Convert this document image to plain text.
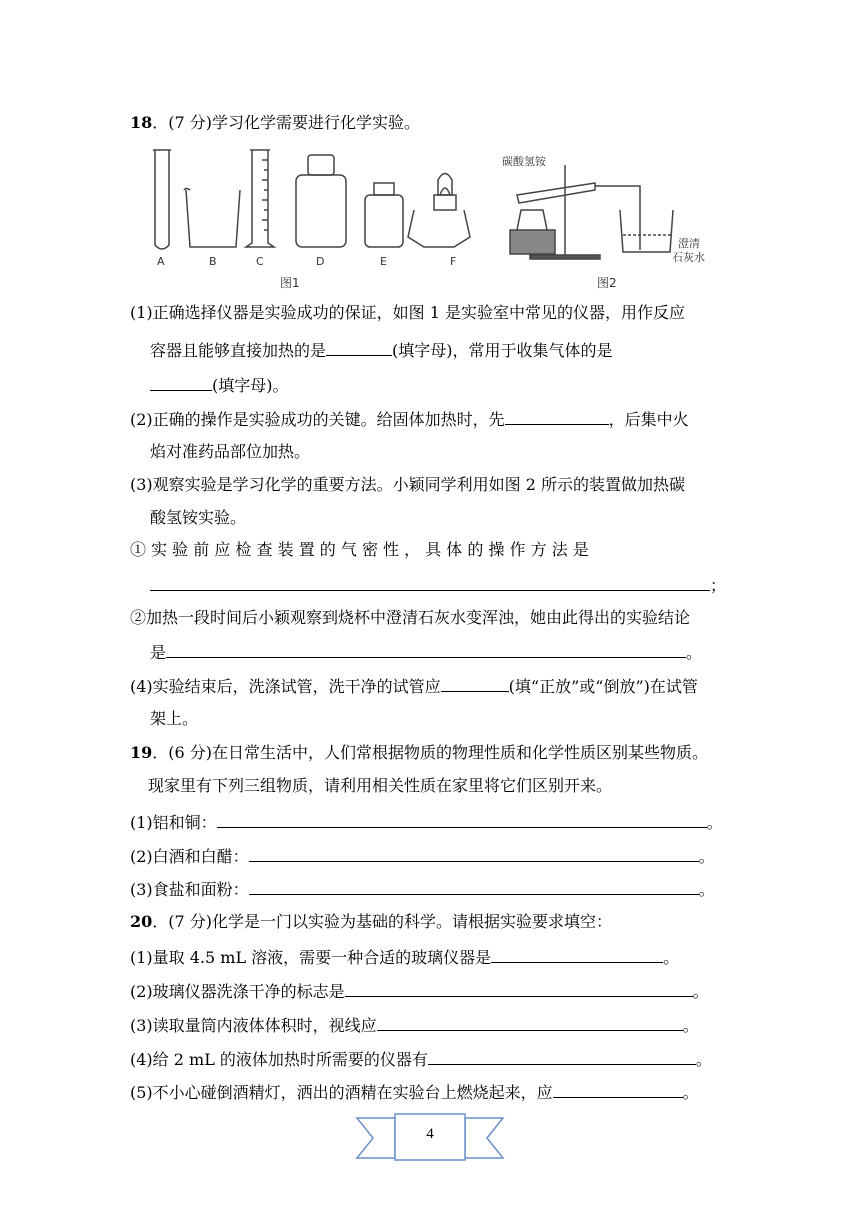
18．(7 分)学习化学需要进行化学实验。
A	B	C	D	E	F
图1
碳酸氢铵
澄清
石灰水
图2
(1)正确选择仪器是实验成功的保证，如图 1 是实验室中常见的仪器，用作反应
容器且能够直接加热的是	(填字母)，常用于收集气体的是
(填字母)。
(2)正确的操作是实验成功的关键。给固体加热时，先	，后集中火
焰对准药品部位加热。
(3)观察实验是学习化学的重要方法。小颖同学利用如图 2 所示的装置做加热碳
酸氢铵实验。
① 实 验 前 应 检 查 装 置 的 气 密 性 ， 具 体 的 操 作 方 法 是
；
②加热一段时间后小颖观察到烧杯中澄清石灰水变浑浊，她由此得出的实验结论
是	。
(4)实验结束后，洗涤试管，洗干净的试管应	(填“正放”或“倒放”)在试管
架上。
19．(6 分)在日常生活中，人们常根据物质的物理性质和化学性质区别某些物质。
现家里有下列三组物质，请利用相关性质在家里将它们区别开来。
(1)铝和铜：	。
(2)白酒和白醋：	。
(3)食盐和面粉：	。
20．(7 分)化学是一门以实验为基础的科学。请根据实验要求填空：
(1)量取 4.5 mL 溶液，需要一种合适的玻璃仪器是	。
(2)玻璃仪器洗涤干净的标志是	。
(3)读取量筒内液体体积时，视线应	。
(4)给 2 mL 的液体加热时所需要的仪器有	。
(5)不小心碰倒酒精灯，洒出的酒精在实验台上燃烧起来，应	。
4
